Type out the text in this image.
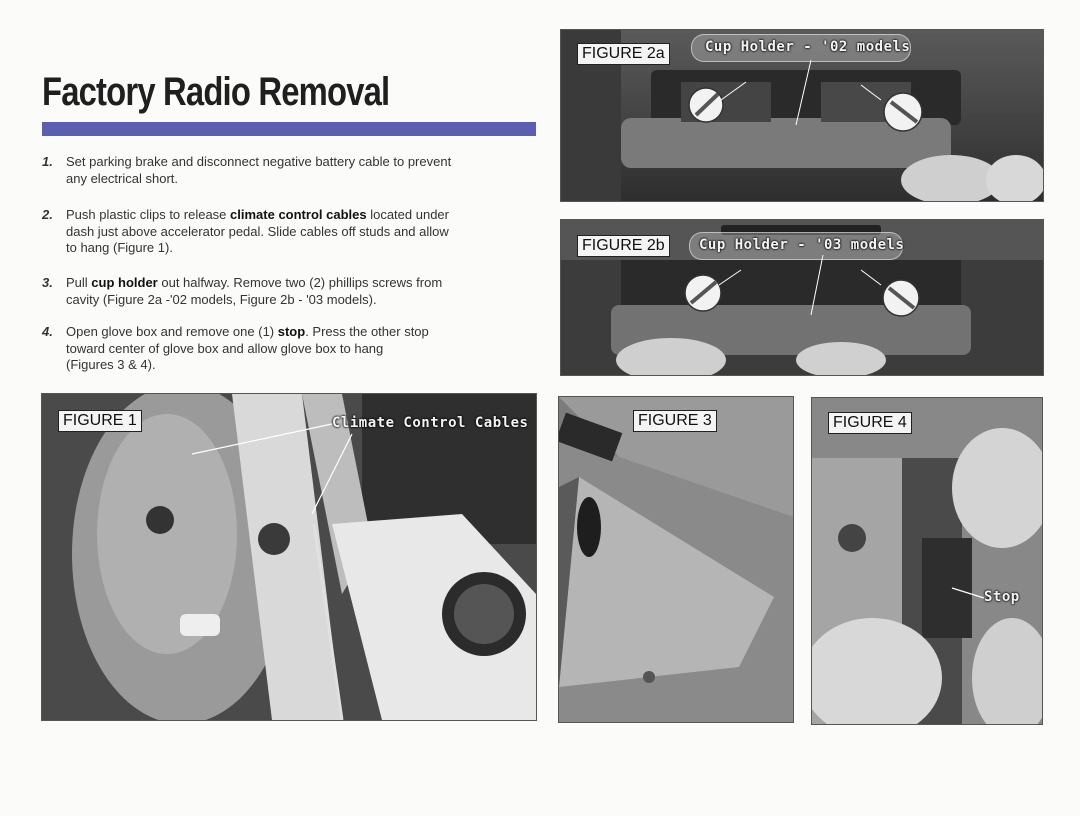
Factory Radio Removal
1. Set parking brake and disconnect negative battery cable to prevent
any electrical short.
2. Push plastic clips to release climate control cables located under
dash just above accelerator pedal. Slide cables off studs and allow
to hang (Figure 1).
3. Pull cup holder out halfway. Remove two (2) phillips screws from
cavity (Figure 2a -'02 models, Figure 2b - '03 models).
4. Open glove box and remove one (1) stop. Press the other stop
toward center of glove box and allow glove box to hang
(Figures 3 & 4).
FIGURE 2a	Cup Holder - '02 models
FIGURE 2b	Cup Holder - '03 models
FIGURE 1	Climate Control Cables	FIGURE 3	FIGURE 4
Stop
